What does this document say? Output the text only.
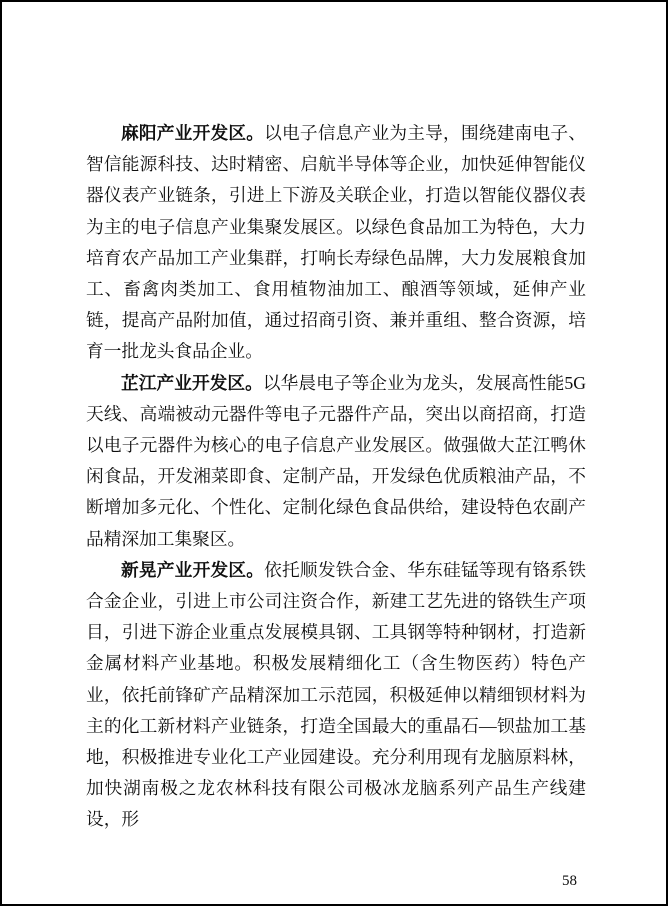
麻阳产业开发区。以电子信息产业为主导，围绕建南电子、智信能源科技、达时精密、启航半导体等企业，加快延伸智能仪器仪表产业链条，引进上下游及关联企业，打造以智能仪器仪表为主的电子信息产业集聚发展区。以绿色食品加工为特色，大力培育农产品加工产业集群，打响长寿绿色品牌，大力发展粮食加工、畜禽肉类加工、食用植物油加工、酿酒等领域，延伸产业链，提高产品附加值，通过招商引资、兼并重组、整合资源，培育一批龙头食品企业。

芷江产业开发区。以华晨电子等企业为龙头，发展高性能5G 天线、高端被动元器件等电子元器件产品，突出以商招商，打造以电子元器件为核心的电子信息产业发展区。做强做大芷江鸭休闲食品，开发湘菜即食、定制产品，开发绿色优质粮油产品，不断增加多元化、个性化、定制化绿色食品供给，建设特色农副产品精深加工集聚区。

新晃产业开发区。依托顺发铁合金、华东硅锰等现有铬系铁合金企业，引进上市公司注资合作，新建工艺先进的铬铁生产项目，引进下游企业重点发展模具钢、工具钢等特种钢材，打造新金属材料产业基地。积极发展精细化工（含生物医药）特色产业，依托前锋矿产品精深加工示范园，积极延伸以精细钡材料为主的化工新材料产业链条，打造全国最大的重晶石—钡盐加工基地，积极推进专业化工产业园建设。充分利用现有龙脑原料林，加快湖南极之龙农林科技有限公司极冰龙脑系列产品生产线建设，形

58
